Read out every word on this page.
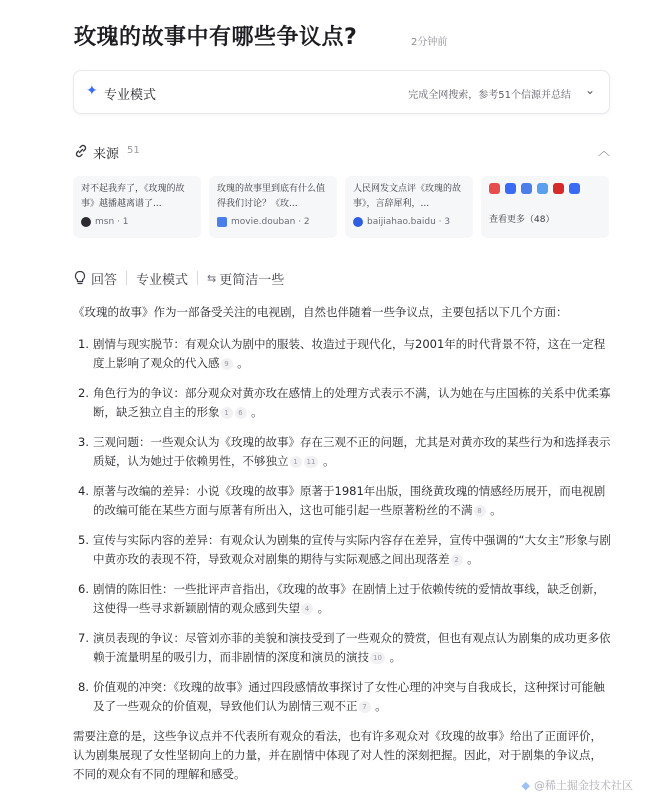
玫瑰的故事中有哪些争议点?	2分钟前
✦ 专业模式	完成全网搜索，参考51个信源并总结 ⌄
来源 51	︿
对不起我弃了，《玫瑰的故事》越播越离谱了...
msn · 1
玫瑰的故事里到底有什么值得我们讨论？《玫...
movie.douban · 2
人民网发文点评《玫瑰的故事》，言辞犀利，...
baijiahao.baidu · 3	查看更多（48）
回答 专业模式 ⇆ 更简洁一些

《玫瑰的故事》作为一部备受关注的电视剧，自然也伴随着一些争议点，主要包括以下几个方面：

1. 剧情与现实脱节：有观众认为剧中的服装、妆造过于现代化，与2001年的时代背景不符，这在一定程度上影响了观众的代入感 9 。
2. 角色行为的争议：部分观众对黄亦玫在感情上的处理方式表示不满，认为她在与庄国栋的关系中优柔寡断，缺乏独立自主的形象 1 6 。
3. 三观问题：一些观众认为《玫瑰的故事》存在三观不正的问题，尤其是对黄亦玫的某些行为和选择表示质疑，认为她过于依赖男性，不够独立 1 11 。
4. 原著与改编的差异：小说《玫瑰的故事》原著于1981年出版，围绕黄玫瑰的情感经历展开，而电视剧的改编可能在某些方面与原著有所出入，这也可能引起一些原著粉丝的不满 8 。
5. 宣传与实际内容的差异：有观众认为剧集的宣传与实际内容存在差异，宣传中强调的“大女主”形象与剧中黄亦玫的表现不符，导致观众对剧集的期待与实际观感之间出现落差 2 。
6. 剧情的陈旧性：一些批评声音指出，《玫瑰的故事》在剧情上过于依赖传统的爱情故事线，缺乏创新，这使得一些寻求新颖剧情的观众感到失望 4 。
7. 演员表现的争议：尽管刘亦菲的美貌和演技受到了一些观众的赞赏，但也有观点认为剧集的成功更多依赖于流量明星的吸引力，而非剧情的深度和演员的演技 10 。
8. 价值观的冲突：《玫瑰的故事》通过四段感情故事探讨了女性心理的冲突与自我成长，这种探讨可能触及了一些观众的价值观，导致他们认为剧情三观不正 7 。

需要注意的是，这些争议点并不代表所有观众的看法，也有许多观众对《玫瑰的故事》给出了正面评价，认为剧集展现了女性坚韧向上的力量，并在剧情中体现了对人性的深刻把握。因此，对于剧集的争议点，不同的观众有不同的理解和感受。

◆ @稀土掘金技术社区
